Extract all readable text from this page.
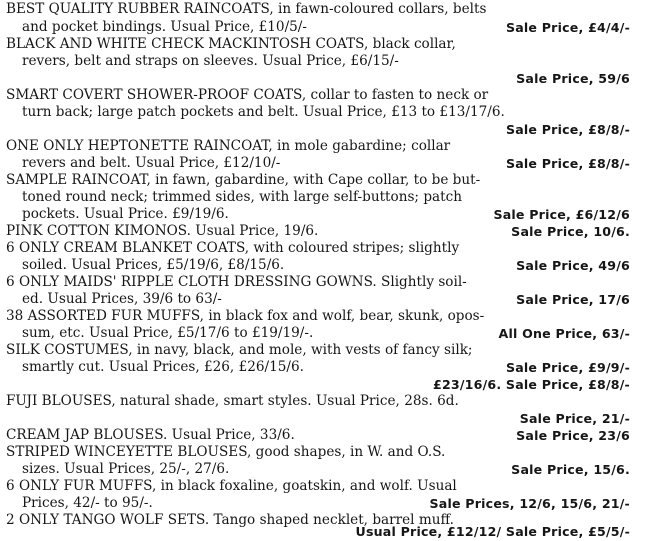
BEST QUALITY RUBBER RAINCOATS, in fawn-coloured collars, belts
and pocket bindings. Usual Price, £10/5/-	Sale Price, £4/4/-
BLACK AND WHITE CHECK MACKINTOSH COATS, black collar,
revers, belt and straps on sleeves. Usual Price, £6/15/-
Sale Price, 59/6
SMART COVERT SHOWER-PROOF COATS, collar to fasten to neck or
turn back; large patch pockets and belt. Usual Price, £13 to £13/17/6.
Sale Price, £8/8/-
ONE ONLY HEPTONETTE RAINCOAT, in mole gabardine; collar
revers and belt. Usual Price, £12/10/-	Sale Price, £8/8/-
SAMPLE RAINCOAT, in fawn, gabardine, with Cape collar, to be but-
toned round neck; trimmed sides, with large self-buttons; patch
pockets. Usual Price. £9/19/6.	Sale Price, £6/12/6
PINK COTTON KIMONOS. Usual Price, 19/6.	Sale Price, 10/6.
6 ONLY CREAM BLANKET COATS, with coloured stripes; slightly
soiled. Usual Prices, £5/19/6, £8/15/6.	Sale Price, 49/6
6 ONLY MAIDS' RIPPLE CLOTH DRESSING GOWNS. Slightly soil-
ed. Usual Prices, 39/6 to 63/-	Sale Price, 17/6
38 ASSORTED FUR MUFFS, in black fox and wolf, bear, skunk, opos-
sum, etc. Usual Price, £5/17/6 to £19/19/-.	All One Price, 63/-
SILK COSTUMES, in navy, black, and mole, with vests of fancy silk;
smartly cut. Usual Prices, £26, £26/15/6.	Sale Price, £9/9/-
£23/16/6. Sale Price, £8/8/-
FUJI BLOUSES, natural shade, smart styles. Usual Price, 28s. 6d.
Sale Price, 21/-
CREAM JAP BLOUSES. Usual Price, 33/6.	Sale Price, 23/6
STRIPED WINCEYETTE BLOUSES, good shapes, in W. and O.S.
sizes. Usual Prices, 25/-, 27/6.	Sale Price, 15/6.
6 ONLY FUR MUFFS, in black foxaline, goatskin, and wolf. Usual
Prices, 42/- to 95/-.	Sale Prices, 12/6, 15/6, 21/-
2 ONLY TANGO WOLF SETS. Tango shaped necklet, barrel muff.
Usual Price, £12/12/ Sale Price, £5/5/-
